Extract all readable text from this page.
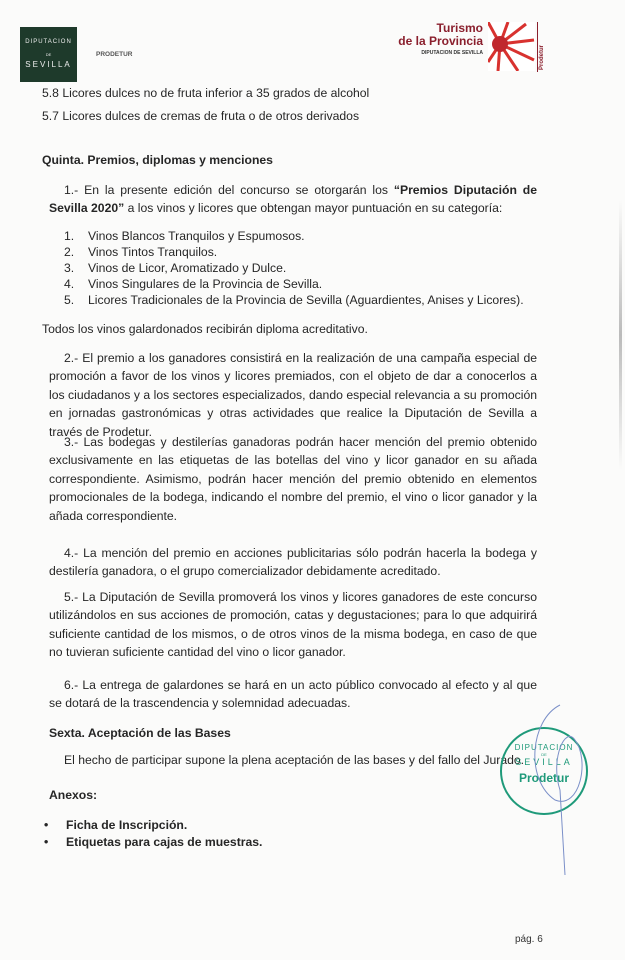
DIPUTACION
DE
SEVILLA
PRODETUR
Turismo
de la Provincia
DIPUTACION DE SEVILLA	Prodetur
5.8 Licores dulces no de fruta inferior a 35 grados de alcohol
5.7 Licores dulces de cremas de fruta o de otros derivados
Quinta. Premios, diplomas y menciones
1.- En la presente edición del concurso se otorgarán los “Premios Diputación de Sevilla 2020” a los vinos y licores que obtengan mayor puntuación en su categoría:
1.	Vinos Blancos Tranquilos y Espumosos.
2.	Vinos Tintos Tranquilos.
3.	Vinos de Licor, Aromatizado y Dulce.
4.	Vinos Singulares de la Provincia de Sevilla.
5.	Licores Tradicionales de la Provincia de Sevilla (Aguardientes, Anises y Licores).
Todos los vinos galardonados recibirán diploma acreditativo.
2.- El premio a los ganadores consistirá en la realización de una campaña especial de promoción a favor de los vinos y licores premiados, con el objeto de dar a conocerlos a los ciudadanos y a los sectores especializados, dando especial relevancia a su promoción en jornadas gastronómicas y otras actividades que realice la Diputación de Sevilla a través de Prodetur.
3.- Las bodegas y destilerías ganadoras podrán hacer mención del premio obtenido exclusivamente en las etiquetas de las botellas del vino y licor ganador en su añada correspondiente. Asimismo, podrán hacer mención del premio obtenido en elementos promocionales de la bodega, indicando el nombre del premio, el vino o licor ganador y la añada correspondiente.
4.- La mención del premio en acciones publicitarias sólo podrán hacerla la bodega y destilería ganadora, o el grupo comercializador debidamente acreditado.
5.- La Diputación de Sevilla promoverá los vinos y licores ganadores de este concurso utilizándolos en sus acciones de promoción, catas y degustaciones; para lo que adquirirá suficiente cantidad de los mismos, o de otros vinos de la misma bodega, en caso de que no tuvieran suficiente cantidad del vino o licor ganador.
6.- La entrega de galardones se hará en un acto público convocado al efecto y al que se dotará de la trascendencia y solemnidad adecuadas.
Sexta. Aceptación de las Bases
El hecho de participar supone la plena aceptación de las bases y del fallo del Jurado.
Anexos:
•	Ficha de Inscripción.
•	Etiquetas para cajas de muestras.
DIPUTACION
DE
SEVILLA
Prodetur
pág. 6
